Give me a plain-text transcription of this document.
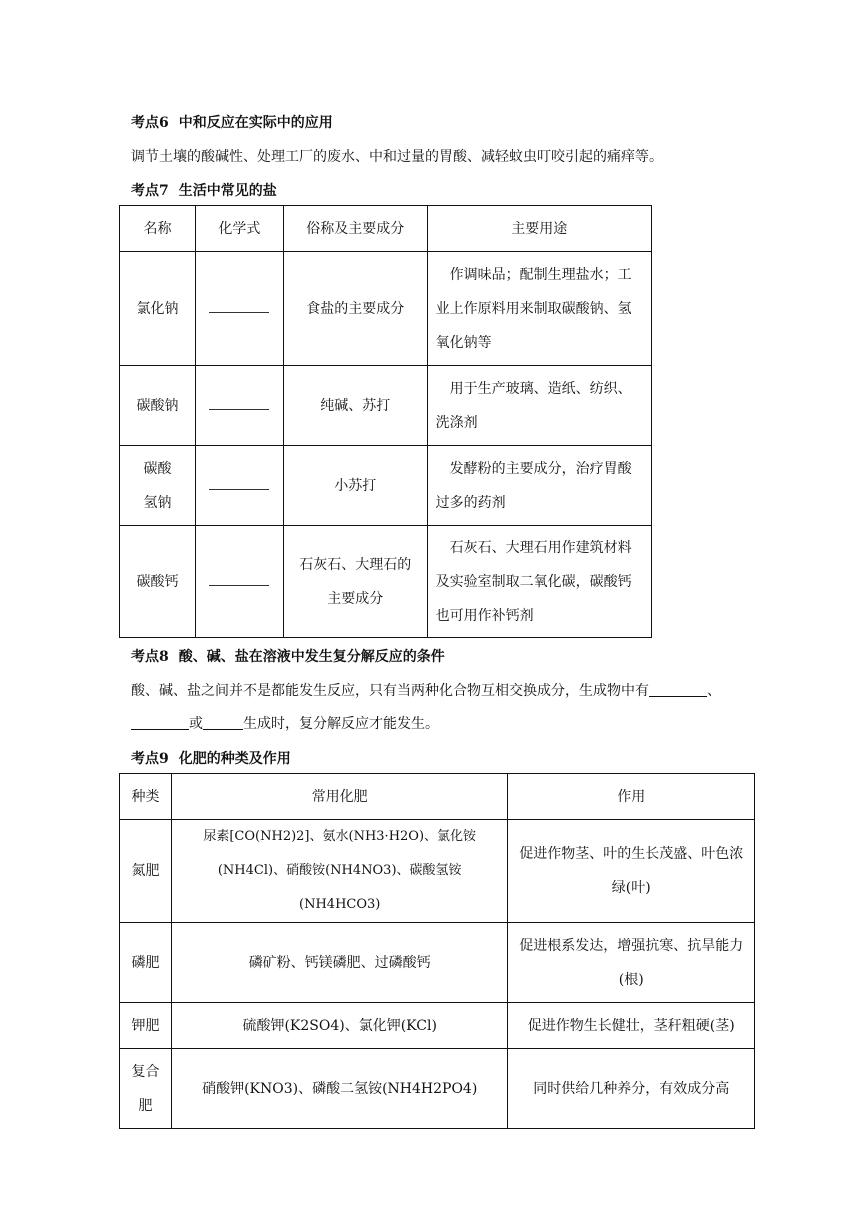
考点6 中和反应在实际中的应用
调节土壤的酸碱性、处理工厂的废水、中和过量的胃酸、减轻蚊虫叮咬引起的痛痒等。
考点7 生活中常见的盐
名称	化学式	俗称及主要成分	主要用途
氯化钠		食盐的主要成分	作调味品；配制生理盐水；工业上作原料用来制取碳酸钠、氢氧化钠等
碳酸钠		纯碱、苏打	用于生产玻璃、造纸、纺织、洗涤剂
碳酸氢钠		小苏打	发酵粉的主要成分，治疗胃酸过多的药剂
碳酸钙		石灰石、大理石的主要成分	石灰石、大理石用作建筑材料及实验室制取二氧化碳，碳酸钙也可用作补钙剂
考点8 酸、碱、盐在溶液中发生复分解反应的条件
酸、碱、盐之间并不是都能发生反应，只有当两种化合物互相交换成分，生成物中有	、
或	生成时，复分解反应才能发生。
考点9 化肥的种类及作用
种类	常用化肥	作用
氮肥	尿素[CO(NH2)2]、氨水(NH3·H2O)、氯化铵(NH4Cl)、硝酸铵(NH4NO3)、碳酸氢铵(NH4HCO3)	促进作物茎、叶的生长茂盛、叶色浓绿(叶)
磷肥	磷矿粉、钙镁磷肥、过磷酸钙	促进根系发达，增强抗寒、抗旱能力(根)
钾肥	硫酸钾(K2SO4)、氯化钾(KCl)	促进作物生长健壮，茎秆粗硬(茎)
复合肥	硝酸钾(KNO3)、磷酸二氢铵(NH4H2PO4)	同时供给几种养分，有效成分高
